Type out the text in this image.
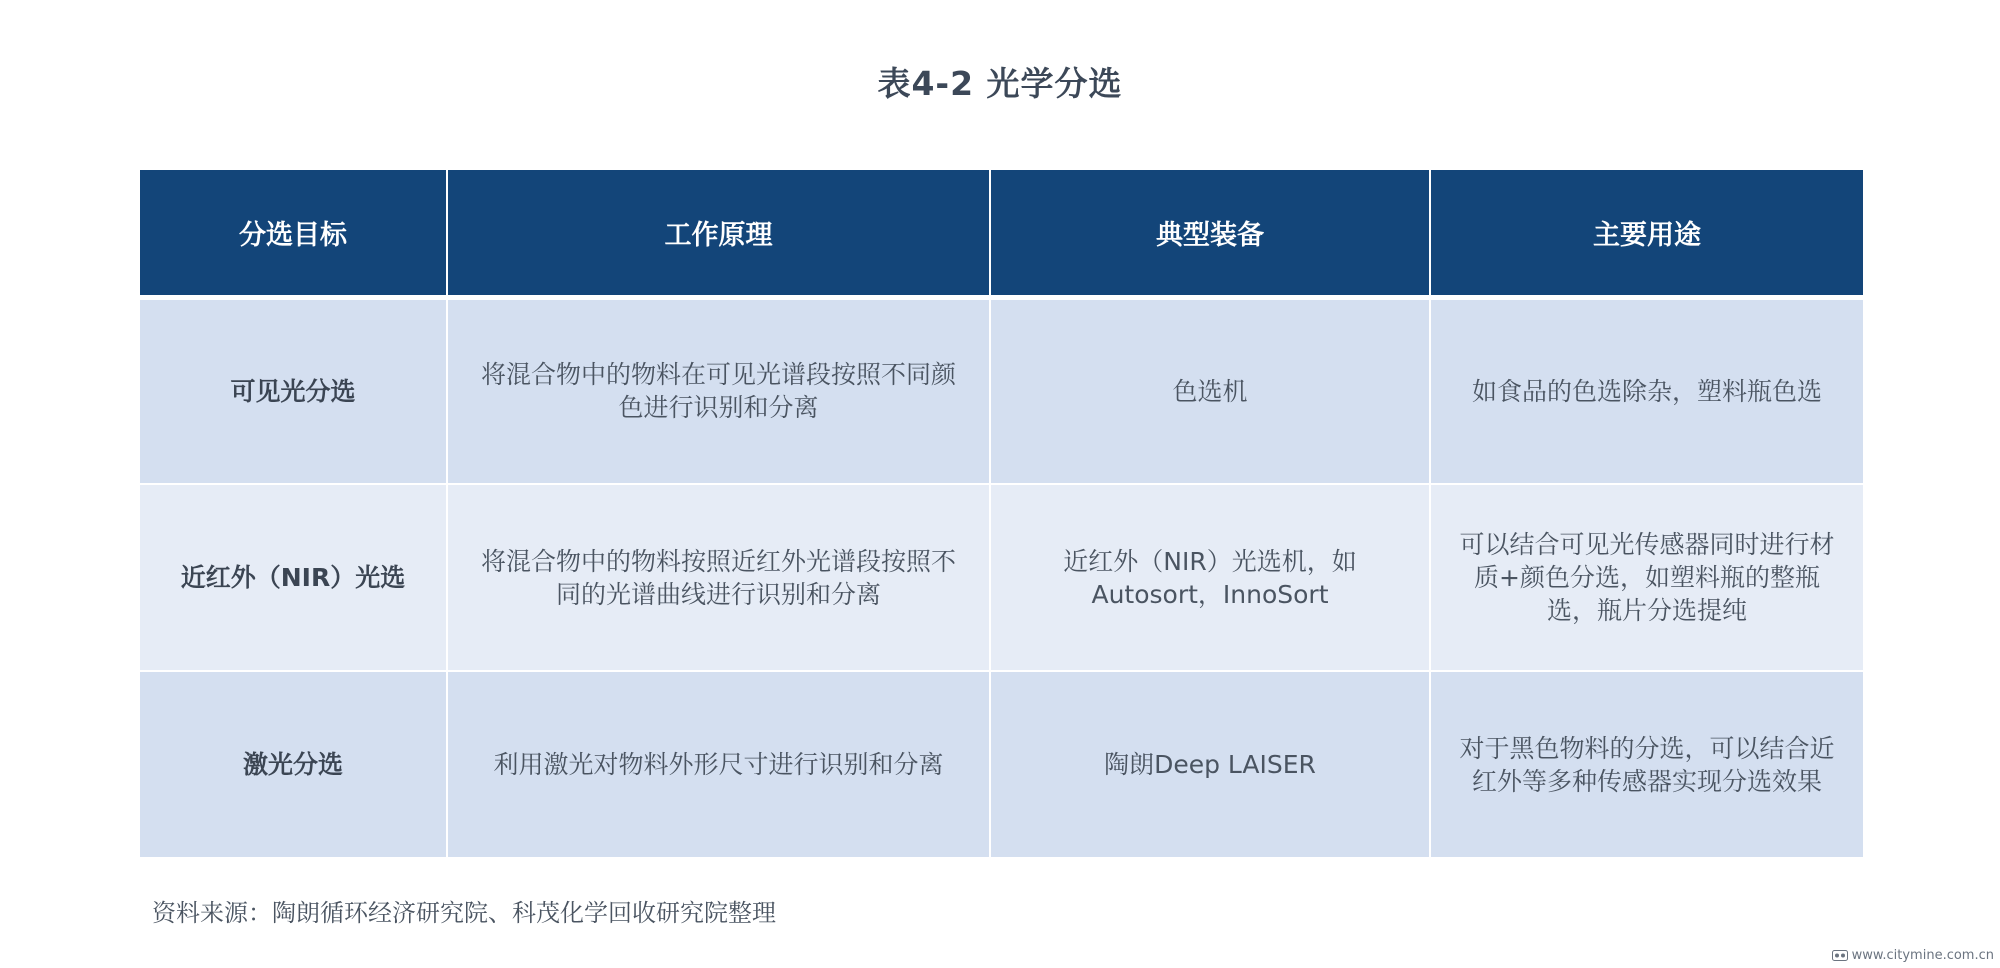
表4-2 光学分选
分选目标	工作原理	典型装备	主要用途
可见光分选	将混合物中的物料在可见光谱段按照不同颜色进行识别和分离	色选机	如食品的色选除杂，塑料瓶色选
近红外（NIR）光选	将混合物中的物料按照近红外光谱段按照不同的光谱曲线进行识别和分离	近红外（NIR）光选机，如Autosort，InnoSort	可以结合可见光传感器同时进行材质+颜色分选，如塑料瓶的整瓶选，瓶片分选提纯
激光分选	利用激光对物料外形尺寸进行识别和分离	陶朗Deep LAISER	对于黑色物料的分选，可以结合近红外等多种传感器实现分选效果
资料来源：陶朗循环经济研究院、科茂化学回收研究院整理
www.citymine.com.cn
